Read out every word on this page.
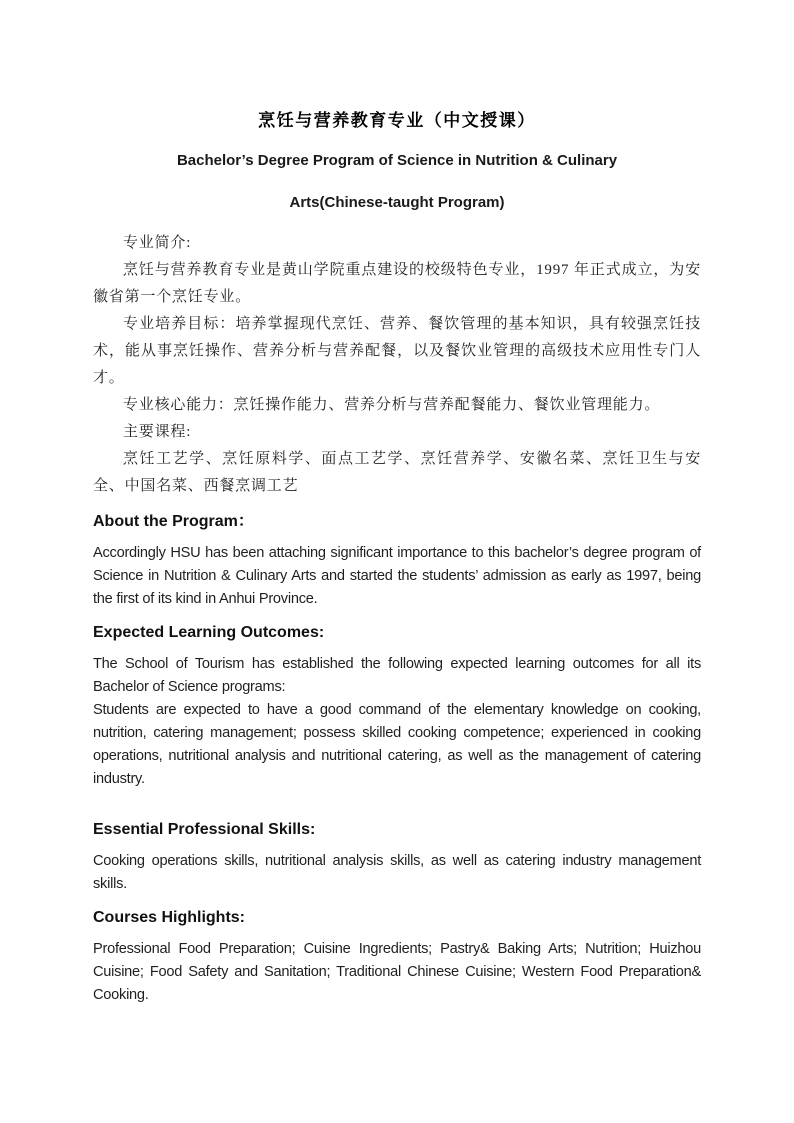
烹饪与营养教育专业（中文授课）
Bachelor’s Degree Program of Science in Nutrition & Culinary
Arts(Chinese-taught Program)

专业简介:

烹饪与营养教育专业是黄山学院重点建设的校级特色专业，1997 年正式成立，为安徽省第一个烹饪专业。

专业培养目标：培养掌握现代烹饪、营养、餐饮管理的基本知识，具有较强烹饪技术，能从事烹饪操作、营养分析与营养配餐，以及餐饮业管理的高级技术应用性专门人才。

专业核心能力：烹饪操作能力、营养分析与营养配餐能力、餐饮业管理能力。

主要课程:

烹饪工艺学、烹饪原料学、面点工艺学、烹饪营养学、安徽名菜、烹饪卫生与安全、中国名菜、西餐烹调工艺

About the Program：

Accordingly HSU has been attaching significant importance to this bachelor’s degree program of Science in Nutrition & Culinary Arts and started the students’ admission as early as 1997, being the first of its kind in Anhui Province.

Expected Learning Outcomes:

The School of Tourism has established the following expected learning outcomes for all its Bachelor of Science programs:

Students are expected to have a good command of the elementary knowledge on cooking, nutrition, catering management; possess skilled cooking competence; experienced in cooking operations, nutritional analysis and nutritional catering, as well as the management of catering industry.

Essential Professional Skills:

Cooking operations skills, nutritional analysis skills, as well as catering industry management skills.

Courses Highlights:

Professional Food Preparation; Cuisine Ingredients; Pastry& Baking Arts; Nutrition; Huizhou Cuisine; Food Safety and Sanitation; Traditional Chinese Cuisine; Western Food Preparation& Cooking.
